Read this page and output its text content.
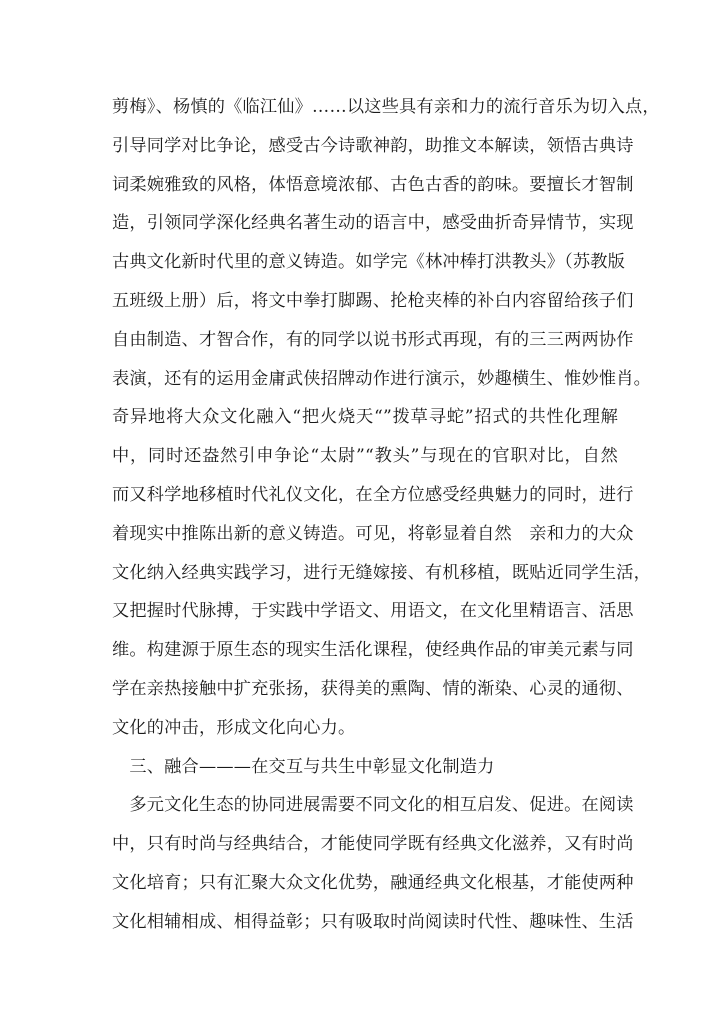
剪梅》、杨慎的《临江仙》……以这些具有亲和力的流行音乐为切入点，
引导同学对比争论，感受古今诗歌神韵，助推文本解读，领悟古典诗
词柔婉雅致的风格，体悟意境浓郁、古色古香的韵味。要擅长才智制
造，引领同学深化经典名著生动的语言中，感受曲折奇异情节，实现
古典文化新时代里的意义铸造。如学完《林冲棒打洪教头》（苏教版
五班级上册）后，将文中拳打脚踢、抡枪夹棒的补白内容留给孩子们
自由制造、才智合作，有的同学以说书形式再现，有的三三两两协作
表演，还有的运用金庸武侠招牌动作进行演示，妙趣横生、惟妙惟肖。
奇异地将大众文化融入“把火烧天“”拨草寻蛇”招式的共性化理解
中，同时还盎然引申争论“太尉”“教头”与现在的官职对比，自然
而又科学地移植时代礼仪文化，在全方位感受经典魅力的同时，进行
着现实中推陈出新的意义铸造。可见，将彰显着自然　亲和力的大众
文化纳入经典实践学习，进行无缝嫁接、有机移植，既贴近同学生活，
又把握时代脉搏，于实践中学语文、用语文，在文化里精语言、活思
维。构建源于原生态的现实生活化课程，使经典作品的审美元素与同
学在亲热接触中扩充张扬，获得美的熏陶、情的渐染、心灵的通彻、
文化的冲击，形成文化向心力。
　三、融合———在交互与共生中彰显文化制造力
　多元文化生态的协同进展需要不同文化的相互启发、促进。在阅读
中，只有时尚与经典结合，才能使同学既有经典文化滋养，又有时尚
文化培育；只有汇聚大众文化优势，融通经典文化根基，才能使两种
文化相辅相成、相得益彰；只有吸取时尚阅读时代性、趣味性、生活
